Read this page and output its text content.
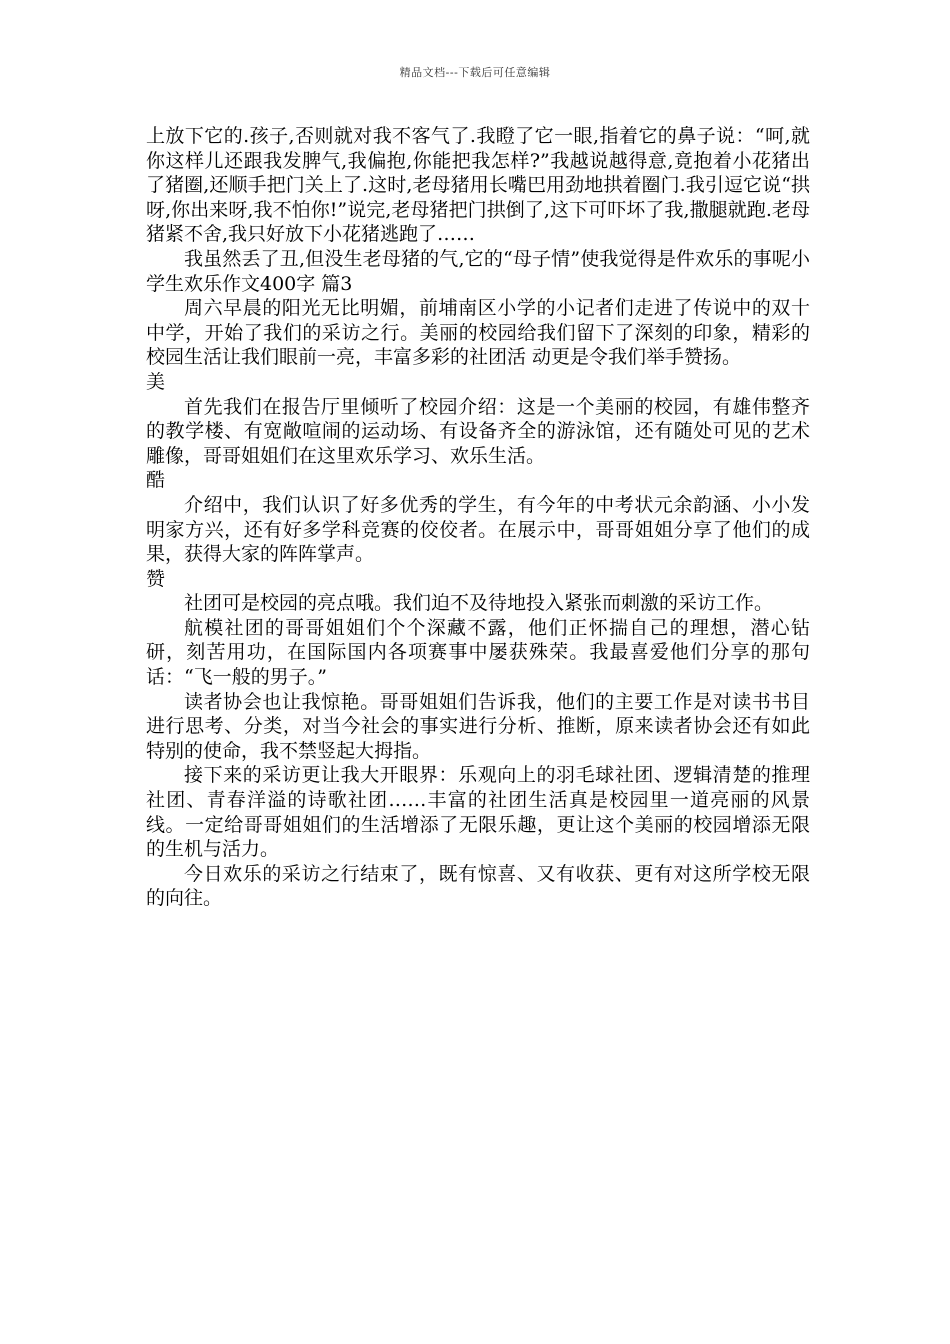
精品文档---下载后可任意编辑

上放下它的.孩子,否则就对我不客气了.我瞪了它一眼,指着它的鼻子说：“呵,就你这样儿还跟我发脾气,我偏抱,你能把我怎样?”我越说越得意,竟抱着小花猪出了猪圈,还顺手把门关上了.这时,老母猪用长嘴巴用劲地拱着圈门.我引逗它说“拱呀,你出来呀,我不怕你!”说完,老母猪把门拱倒了,这下可吓坏了我,撒腿就跑.老母猪紧不舍,我只好放下小花猪逃跑了……

我虽然丢了丑,但没生老母猪的气,它的“母子情”使我觉得是件欢乐的事呢小学生欢乐作文400字 篇3

周六早晨的阳光无比明媚，前埔南区小学的小记者们走进了传说中的双十中学，开始了我们的采访之行。美丽的校园给我们留下了深刻的印象，精彩的校园生活让我们眼前一亮，丰富多彩的社团活 动更是令我们举手赞扬。

美

首先我们在报告厅里倾听了校园介绍：这是一个美丽的校园，有雄伟整齐的教学楼、有宽敞喧闹的运动场、有设备齐全的游泳馆，还有随处可见的艺术雕像，哥哥姐姐们在这里欢乐学习、欢乐生活。

酷

介绍中，我们认识了好多优秀的学生，有今年的中考状元余韵涵、小小发明家方兴，还有好多学科竞赛的佼佼者。在展示中，哥哥姐姐分享了他们的成果，获得大家的阵阵掌声。

赞

社团可是校园的亮点哦。我们迫不及待地投入紧张而刺激的采访工作。

航模社团的哥哥姐姐们个个深藏不露，他们正怀揣自己的理想，潜心钻研，刻苦用功，在国际国内各项赛事中屡获殊荣。我最喜爱他们分享的那句话：“飞一般的男子。”

读者协会也让我惊艳。哥哥姐姐们告诉我，他们的主要工作是对读书书目进行思考、分类，对当今社会的事实进行分析、推断，原来读者协会还有如此特别的使命，我不禁竖起大拇指。

接下来的采访更让我大开眼界：乐观向上的羽毛球社团、逻辑清楚的推理社团、青春洋溢的诗歌社团……丰富的社团生活真是校园里一道亮丽的风景线。一定给哥哥姐姐们的生活增添了无限乐趣，更让这个美丽的校园增添无限的生机与活力。

今日欢乐的采访之行结束了，既有惊喜、又有收获、更有对这所学校无限的向往。
